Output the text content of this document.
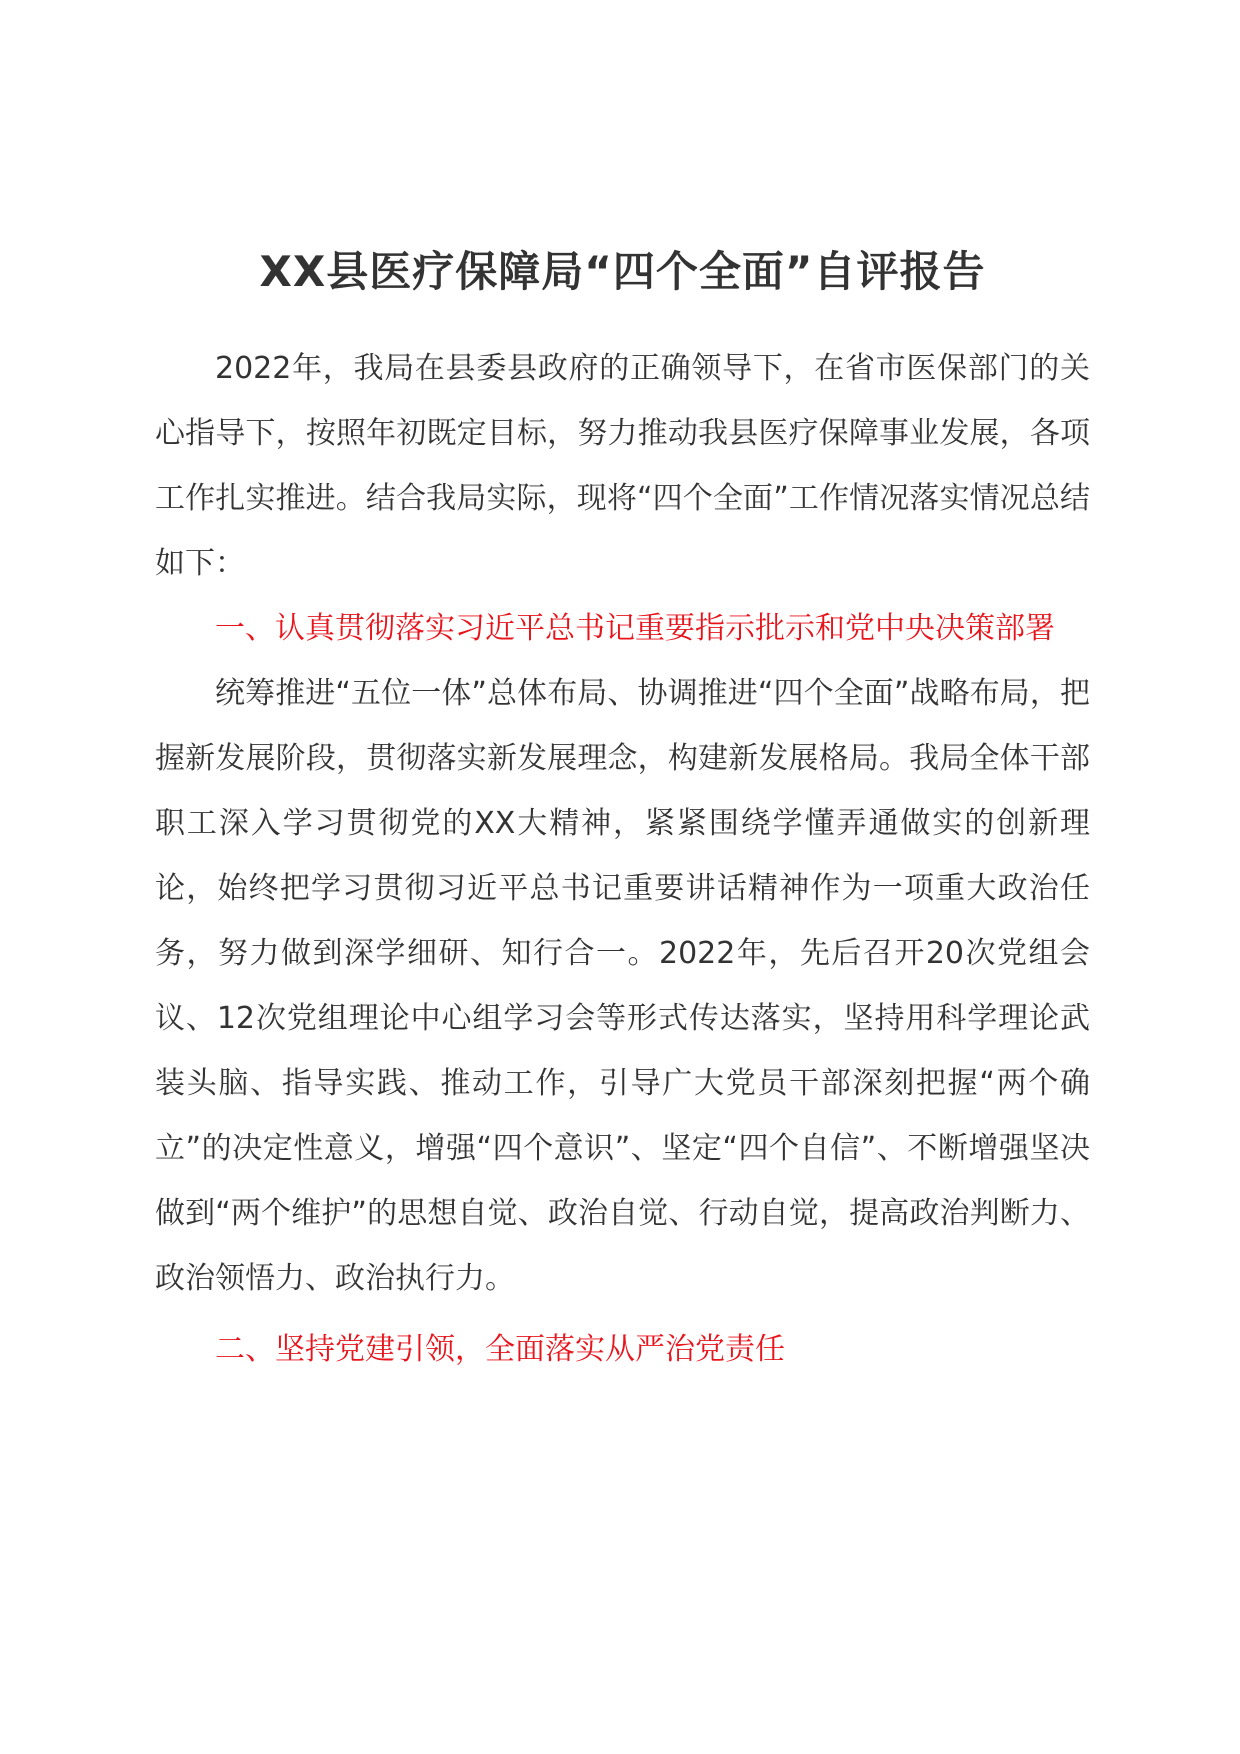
XX县医疗保障局“四个全面”自评报告

2022年，我局在县委县政府的正确领导下，在省市医保部门的关心指导下，按照年初既定目标，努力推动我县医疗保障事业发展，各项工作扎实推进。结合我局实际，现将“四个全面”工作情况落实情况总结如下：

一、认真贯彻落实习近平总书记重要指示批示和党中央决策部署

统筹推进“五位一体”总体布局、协调推进“四个全面”战略布局，把握新发展阶段，贯彻落实新发展理念，构建新发展格局。我局全体干部职工深入学习贯彻党的XX大精神，紧紧围绕学懂弄通做实的创新理论，始终把学习贯彻习近平总书记重要讲话精神作为一项重大政治任务，努力做到深学细研、知行合一。2022年，先后召开20次党组会议、12次党组理论中心组学习会等形式传达落实，坚持用科学理论武装头脑、指导实践、推动工作，引导广大党员干部深刻把握“两个确立”的决定性意义，增强“四个意识”、坚定“四个自信”、不断增强坚决做到“两个维护”的思想自觉、政治自觉、行动自觉，提高政治判断力、政治领悟力、政治执行力。

二、坚持党建引领，全面落实从严治党责任
